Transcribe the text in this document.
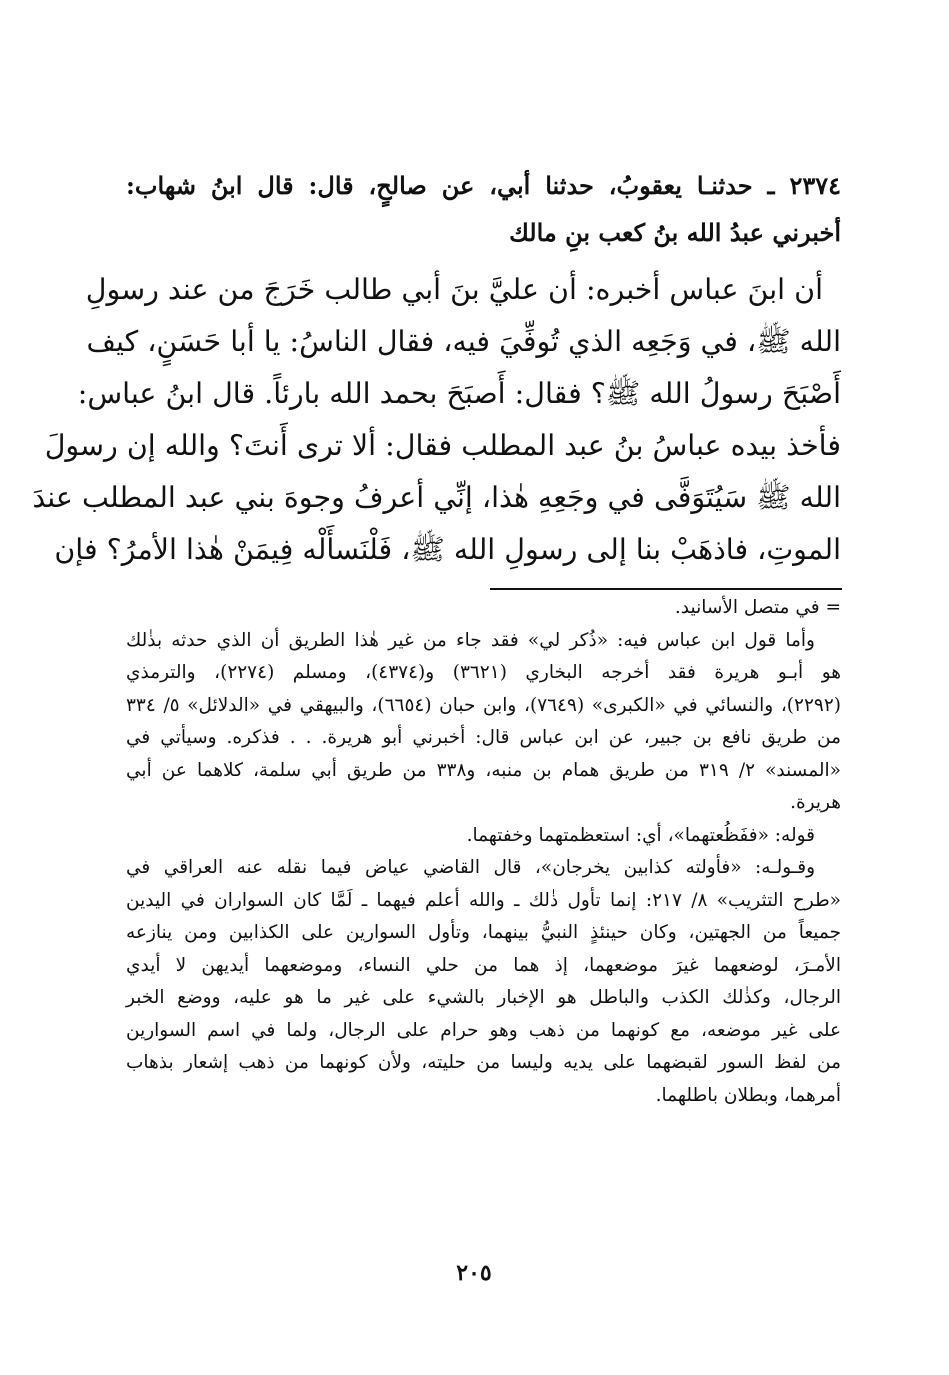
٢٣٧٤ ـ حدثنـا يعقوبُ، حدثنا أبي، عن صالحٍ، قال: قال ابنُ شهاب:
أخبرني عبدُ الله بنُ كعب بنِ مالك
أن ابنَ عباس أخبره: أن عليَّ بنَ أبي طالب خَرَجَ من عند رسولِ
الله ﷺ، في وَجَعِه الذي تُوفِّيَ فيه، فقال الناسُ: يا أبا حَسَنٍ، كيف
أَصْبَحَ رسولُ الله ﷺ؟ فقال: أَصبَحَ بحمد الله بارئاً. قال ابنُ عباس:
فأخذ بيده عباسُ بنُ عبد المطلب فقال: ألا ترى أَنتَ؟ والله إن رسولَ
الله ﷺ سَيُتَوَفَّى في وجَعِهِ هٰذا، إنِّي أعرفُ وجوهَ بني عبد المطلب عندَ
الموتِ، فاذهَبْ بنا إلى رسولِ الله ﷺ، فَلْنَسأَلْه فِيمَنْ هٰذا الأمرُ؟ فإن
= في متصل الأسانيد.
وأما قول ابن عباس فيه: «ذُكر لي» فقد جاء من غير هٰذا الطريق أن الذي حدثه بذٰلك
هو أبـو هريرة فقد أخرجه البخاري (٣٦٢١) و(٤٣٧٤)، ومسلم (٢٢٧٤)، والترمذي
(٢٢٩٢)، والنسائي في «الكبرى» (٧٦٤٩)، وابن حبان (٦٦٥٤)، والبيهقي في «الدلائل» ٥/ ٣٣٤
من طريق نافع بن جبير، عن ابن عباس قال: أخبرني أبو هريرة. . . فذكره. وسيأتي في
«المسند» ٢/ ٣١٩ من طريق همام بن منبه، و٣٣٨ من طريق أبي سلمة، كلاهما عن أبي
هريرة.
قوله: «ففَظُعتهما»، أي: استعظمتهما وخفتهما.
وقـولـه: «فأولته كذابين يخرجان»، قال القاضي عياض فيما نقله عنه العراقي في
«طرح التثريب» ٨/ ٢١٧: إنما تأول ذٰلك ـ والله أعلم فيهما ـ لَمَّا كان السواران في اليدين
جميعاً من الجهتين، وكان حينئذٍ النبيُّ بينهما، وتأول السوارين على الكذابين ومن ينازعه
الأمـرَ، لوضعهما غيرَ موضعهما، إذ هما من حلي النساء، وموضعهما أيديهن لا أيدي
الرجال، وكذٰلك الكذب والباطل هو الإخبار بالشيء على غير ما هو عليه، ووضع الخبر
على غير موضعه، مع كونهما من ذهب وهو حرام على الرجال، ولما في اسم السوارين
من لفظ السور لقبضهما على يديه وليسا من حليته، ولأن كونهما من ذهب إشعار بذهاب
أمرهما، وبطلان باطلهما.
٢٠٥
